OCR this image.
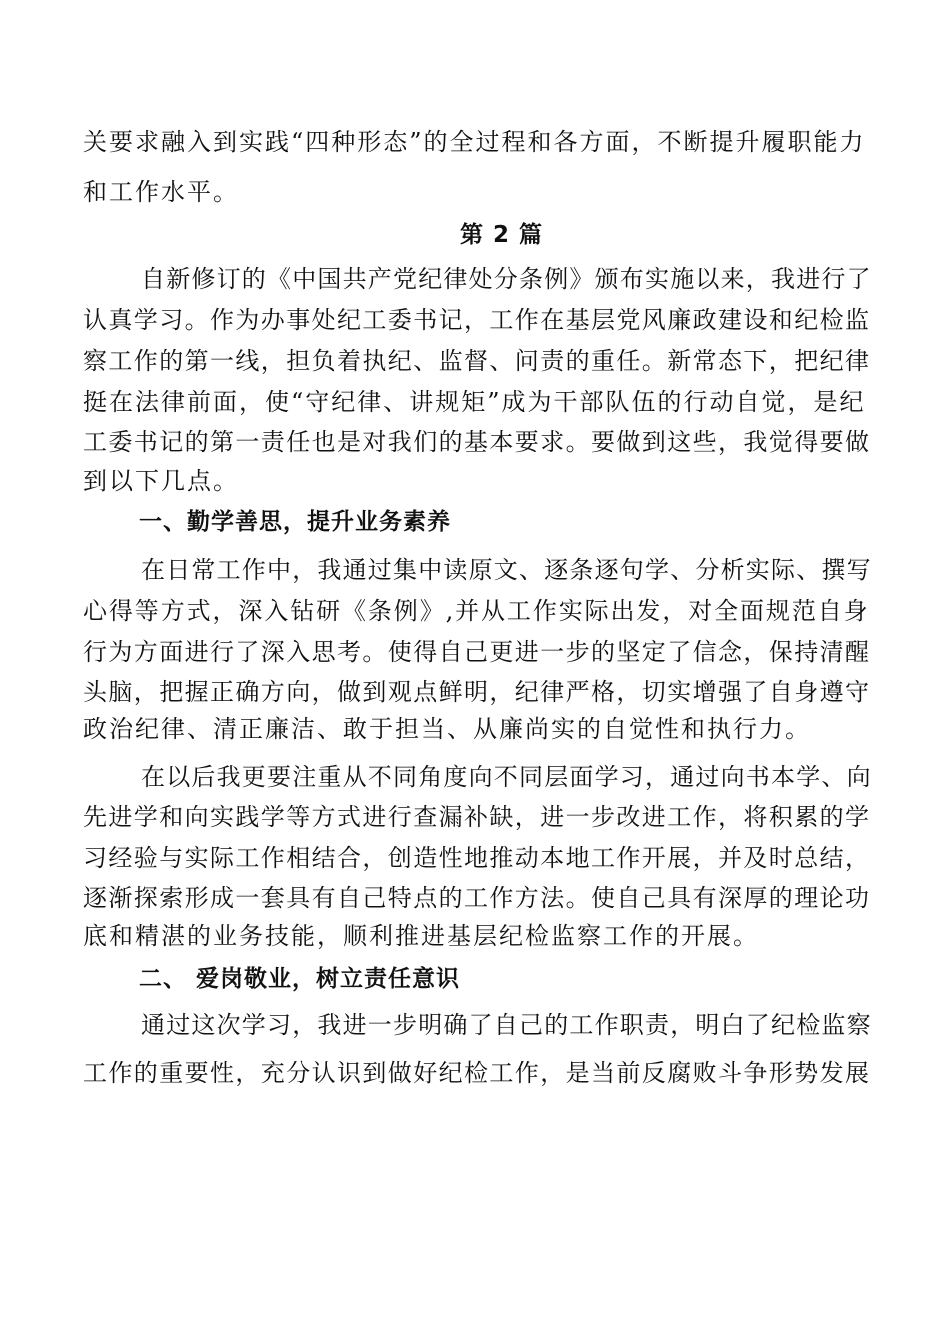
关要求融入到实践“四种形态”的全过程和各方面，不断提升履职能力
和工作水平。
第 2 篇
自新修订的《中国共产党纪律处分条例》颁布实施以来，我进行了
认真学习。作为办事处纪工委书记，工作在基层党风廉政建设和纪检监
察工作的第一线，担负着执纪、监督、问责的重任。新常态下，把纪律
挺在法律前面，使“守纪律、讲规矩”成为干部队伍的行动自觉，是纪
工委书记的第一责任也是对我们的基本要求。要做到这些，我觉得要做
到以下几点。
一、勤学善思，提升业务素养
在日常工作中，我通过集中读原文、逐条逐句学、分析实际、撰写
心得等方式，深入钻研《条例》,并从工作实际出发，对全面规范自身
行为方面进行了深入思考。使得自己更进一步的坚定了信念，保持清醒
头脑，把握正确方向，做到观点鲜明，纪律严格，切实增强了自身遵守
政治纪律、清正廉洁、敢于担当、从廉尚实的自觉性和执行力。
在以后我更要注重从不同角度向不同层面学习，通过向书本学、向
先进学和向实践学等方式进行查漏补缺，进一步改进工作，将积累的学
习经验与实际工作相结合，创造性地推动本地工作开展，并及时总结，
逐渐探索形成一套具有自己特点的工作方法。使自己具有深厚的理论功
底和精湛的业务技能，顺利推进基层纪检监察工作的开展。
二、 爱岗敬业，树立责任意识
通过这次学习，我进一步明确了自己的工作职责，明白了纪检监察
工作的重要性，充分认识到做好纪检工作，是当前反腐败斗争形势发展
